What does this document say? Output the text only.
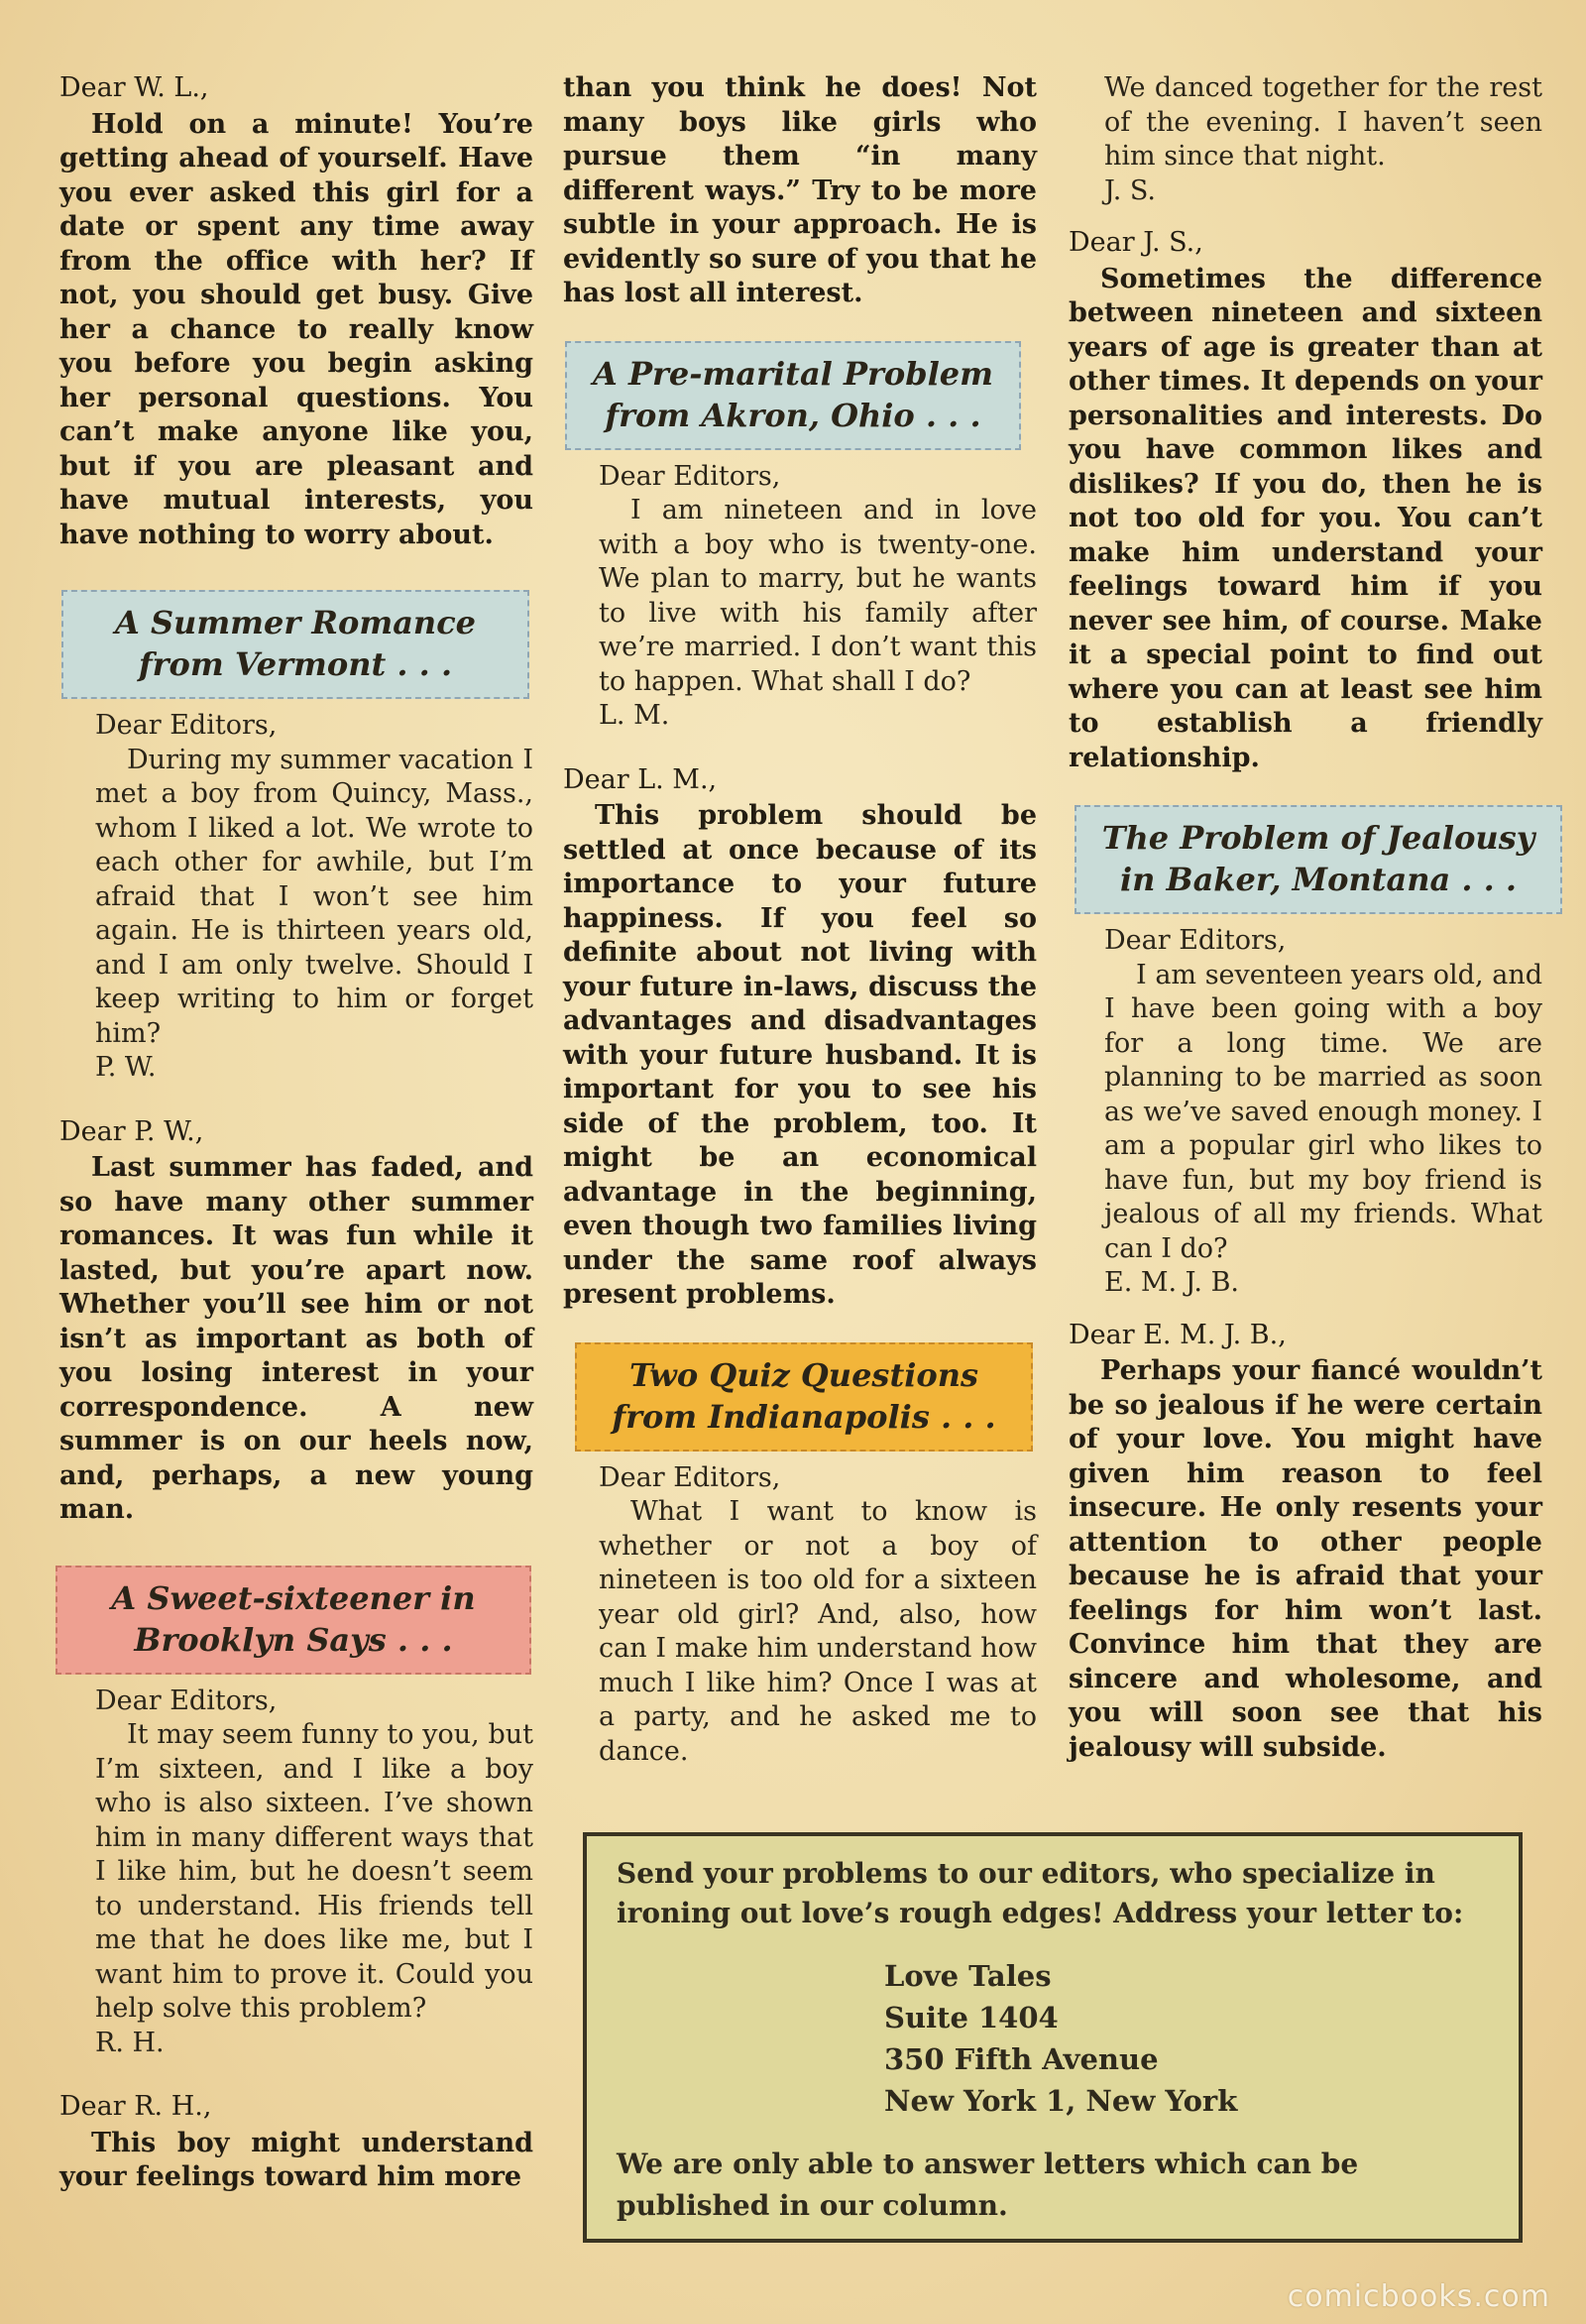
Dear W. L.,

Hold on a minute! You’re getting ahead of yourself. Have you ever asked this girl for a date or spent any time away from the office with her? If not, you should get busy. Give her a chance to really know you before you begin asking her personal questions. You can’t make anyone like you, but if you are pleasant and have mutual interests, you have nothing to worry about.

A Summer Romance from Vermont . . .

Dear Editors,

During my summer vacation I met a boy from Quincy, Mass., whom I liked a lot. We wrote to each other for awhile, but I’m afraid that I won’t see him again. He is thirteen years old, and I am only twelve. Should I keep writing to him or forget him?

P. W.

Dear P. W.,

Last summer has faded, and so have many other summer romances. It was fun while it lasted, but you’re apart now. Whether you’ll see him or not isn’t as important as both of you losing interest in your correspondence. A new summer is on our heels now, and, perhaps, a new young man.

A Sweet-sixteener in Brooklyn Says . . .

Dear Editors,

It may seem funny to you, but I’m sixteen, and I like a boy who is also sixteen. I’ve shown him in many different ways that I like him, but he doesn’t seem to understand. His friends tell me that he does like me, but I want him to prove it. Could you help solve this problem?

R. H.

Dear R. H.,

This boy might understand your feelings toward him more

than you think he does! Not many boys like girls who pursue them “in many different ways.” Try to be more subtle in your approach. He is evidently so sure of you that he has lost all interest.

A Pre-marital Problem from Akron, Ohio . . .

Dear Editors,

I am nineteen and in love with a boy who is twenty-one. We plan to marry, but he wants to live with his family after we’re married. I don’t want this to happen. What shall I do?

L. M.

Dear L. M.,

This problem should be settled at once because of its importance to your future happiness. If you feel so definite about not living with your future in-laws, discuss the advantages and disadvantages with your future husband. It is important for you to see his side of the problem, too. It might be an economical advantage in the beginning, even though two families living under the same roof always present problems.

Two Quiz Questions from Indianapolis . . .

Dear Editors,

What I want to know is whether or not a boy of nineteen is too old for a sixteen year old girl? And, also, how can I make him understand how much I like him? Once I was at a party, and he asked me to dance.

We danced together for the rest of the evening. I haven’t seen him since that night.

J. S.

Dear J. S.,

Sometimes the difference between nineteen and sixteen years of age is greater than at other times. It depends on your personalities and interests. Do you have common likes and dislikes? If you do, then he is not too old for you. You can’t make him understand your feelings toward him if you never see him, of course. Make it a special point to find out where you can at least see him to establish a friendly relationship.

The Problem of Jealousy in Baker, Montana . . .

Dear Editors,

I am seventeen years old, and I have been going with a boy for a long time. We are planning to be married as soon as we’ve saved enough money. I am a popular girl who likes to have fun, but my boy friend is jealous of all my friends. What can I do?

E. M. J. B.

Dear E. M. J. B.,

Perhaps your fiancé wouldn’t be so jealous if he were certain of your love. You might have given him reason to feel insecure. He only resents your attention to other people because he is afraid that your feelings for him won’t last. Convince him that they are sincere and wholesome, and you will soon see that his jealousy will subside.

Send your problems to our editors, who specialize in ironing out love’s rough edges! Address your letter to:

Love Tales
Suite 1404
350 Fifth Avenue
New York 1, New York
We are only able to answer letters which can be published in our column.
comicbooks.com
